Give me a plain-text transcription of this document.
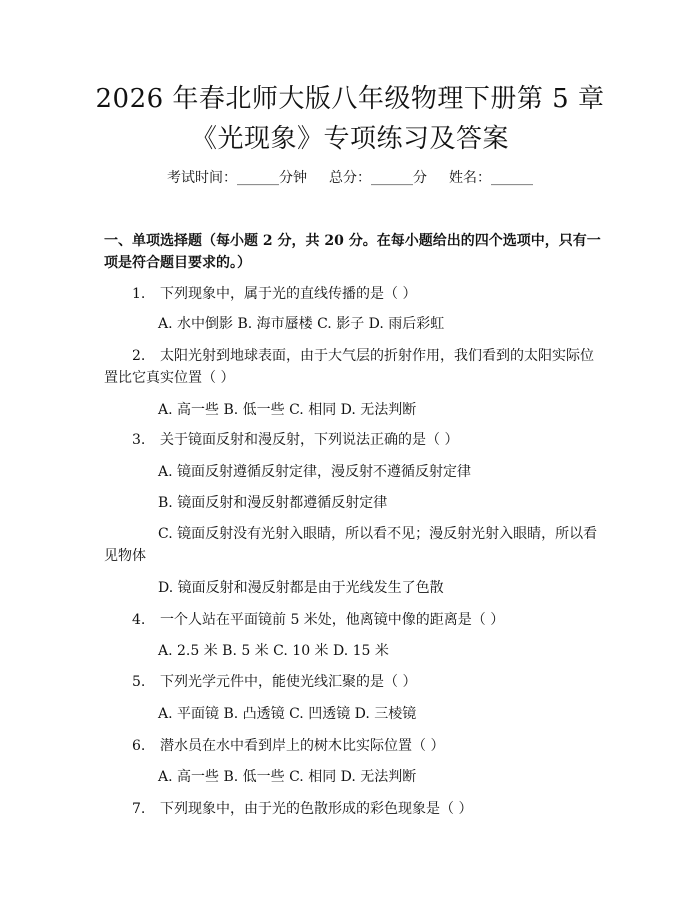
2026 年春北师大版八年级物理下册第 5 章
《光现象》专项练习及答案
考试时间：______分钟 总分：______分 姓名：______
一、单项选择题（每小题 2 分，共 20 分。在每小题给出的四个选项中，只有一项是符合题目要求的。）
1. 下列现象中，属于光的直线传播的是（ ）
A. 水中倒影 B. 海市蜃楼 C. 影子 D. 雨后彩虹
2. 太阳光射到地球表面，由于大气层的折射作用，我们看到的太阳实际位置比它真实位置（ ）
A. 高一些 B. 低一些 C. 相同 D. 无法判断
3. 关于镜面反射和漫反射，下列说法正确的是（ ）
A. 镜面反射遵循反射定律，漫反射不遵循反射定律
B. 镜面反射和漫反射都遵循反射定律
C. 镜面反射没有光射入眼睛，所以看不见；漫反射光射入眼睛，所以看见物体
D. 镜面反射和漫反射都是由于光线发生了色散
4. 一个人站在平面镜前 5 米处，他离镜中像的距离是（ ）
A. 2.5 米 B. 5 米 C. 10 米 D. 15 米
5. 下列光学元件中，能使光线汇聚的是（ ）
A. 平面镜 B. 凸透镜 C. 凹透镜 D. 三棱镜
6. 潜水员在水中看到岸上的树木比实际位置（ ）
A. 高一些 B. 低一些 C. 相同 D. 无法判断
7. 下列现象中，由于光的色散形成的彩色现象是（ ）
